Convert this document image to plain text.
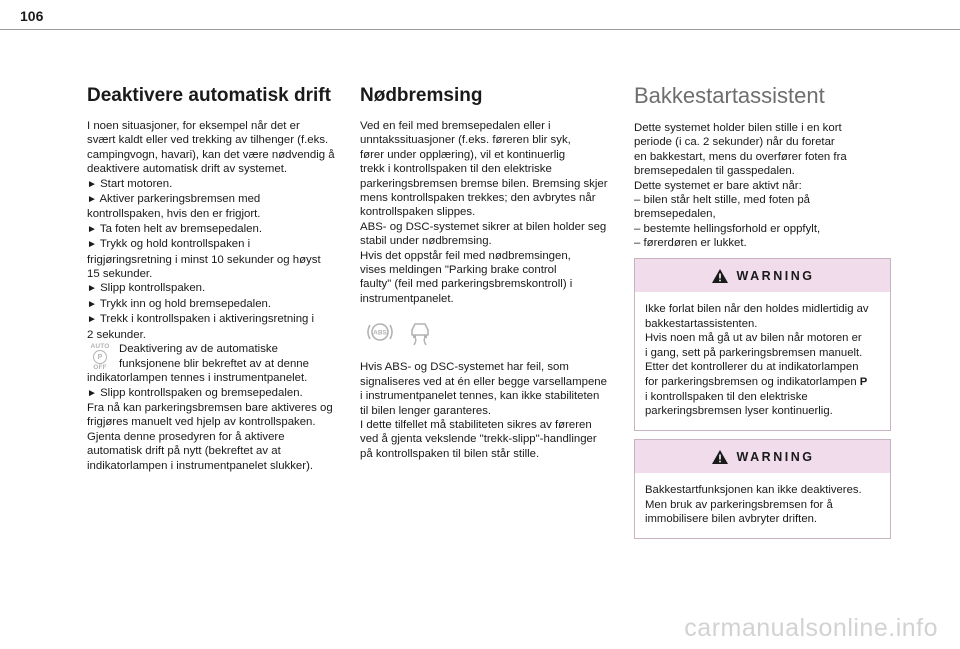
106
Deaktivere automatisk drift

I noen situasjoner, for eksempel når det er
svært kaldt eller ved trekking av tilhenger (f.eks.
campingvogn, havari), kan det være nødvendig å
deaktivere automatisk drift av systemet.

► Start motoren.

► Aktiver parkeringsbremsen med
kontrollspaken, hvis den er frigjort.

► Ta foten helt av bremsepedalen.

► Trykk og hold kontrollspaken i
frigjøringsretning i minst 10 sekunder og høyst
15 sekunder.

► Slipp kontrollspaken.

► Trykk inn og hold bremsepedalen.

► Trekk i kontrollspaken i aktiveringsretning i
2 sekunder.

AUTO
P
OFF

Deaktivering av de automatiske
funksjonene blir bekreftet av at denne

indikatorlampen tennes i instrumentpanelet.

► Slipp kontrollspaken og bremsepedalen.

Fra nå kan parkeringsbremsen bare aktiveres og
frigjøres manuelt ved hjelp av kontrollspaken.
Gjenta denne prosedyren for å aktivere
automatisk drift på nytt (bekreftet av at
indikatorlampen i instrumentpanelet slukker).

Nødbremsing

Ved en feil med bremsepedalen eller i
unntakssituasjoner (f.eks. føreren blir syk,
fører under opplæring), vil et kontinuerlig
trekk i kontrollspaken til den elektriske
parkeringsbremsen bremse bilen. Bremsing skjer
mens kontrollspaken trekkes; den avbrytes når
kontrollspaken slippes.
ABS- og DSC-systemet sikrer at bilen holder seg
stabil under nødbremsing.
Hvis det oppstår feil med nødbremsingen,
vises meldingen "Parking brake control
faulty" (feil med parkeringsbremskontroll) i
instrumentpanelet.

ABS

Hvis ABS- og DSC-systemet har feil, som
signaliseres ved at én eller begge varsellampene
i instrumentpanelet tennes, kan ikke stabiliteten
til bilen lenger garanteres.
I dette tilfellet må stabiliteten sikres av føreren
ved å gjenta vekslende "trekk-slipp"-handlinger
på kontrollspaken til bilen står stille.

Bakkestartassistent

Dette systemet holder bilen stille i en kort
periode (i ca. 2 sekunder) når du foretar
en bakkestart, mens du overfører foten fra
bremsepedalen til gasspedalen.
Dette systemet er bare aktivt når:
– bilen står helt stille, med foten på
bremsepedalen,
– bestemte hellingsforhold er oppfylt,
– førerdøren er lukket.

WARNING
Ikke forlat bilen når den holdes midlertidig av
bakkestartassistenten.
Hvis noen må gå ut av bilen når motoren er
i gang, sett på parkeringsbremsen manuelt.
Etter det kontrollerer du at indikatorlampen
for parkeringsbremsen og indikatorlampen P
i kontrollspaken til den elektriske
parkeringsbremsen lyser kontinuerlig.
WARNING
Bakkestartfunksjonen kan ikke deaktiveres.
Men bruk av parkeringsbremsen for å
immobilisere bilen avbryter driften.
carmanualsonline.info
